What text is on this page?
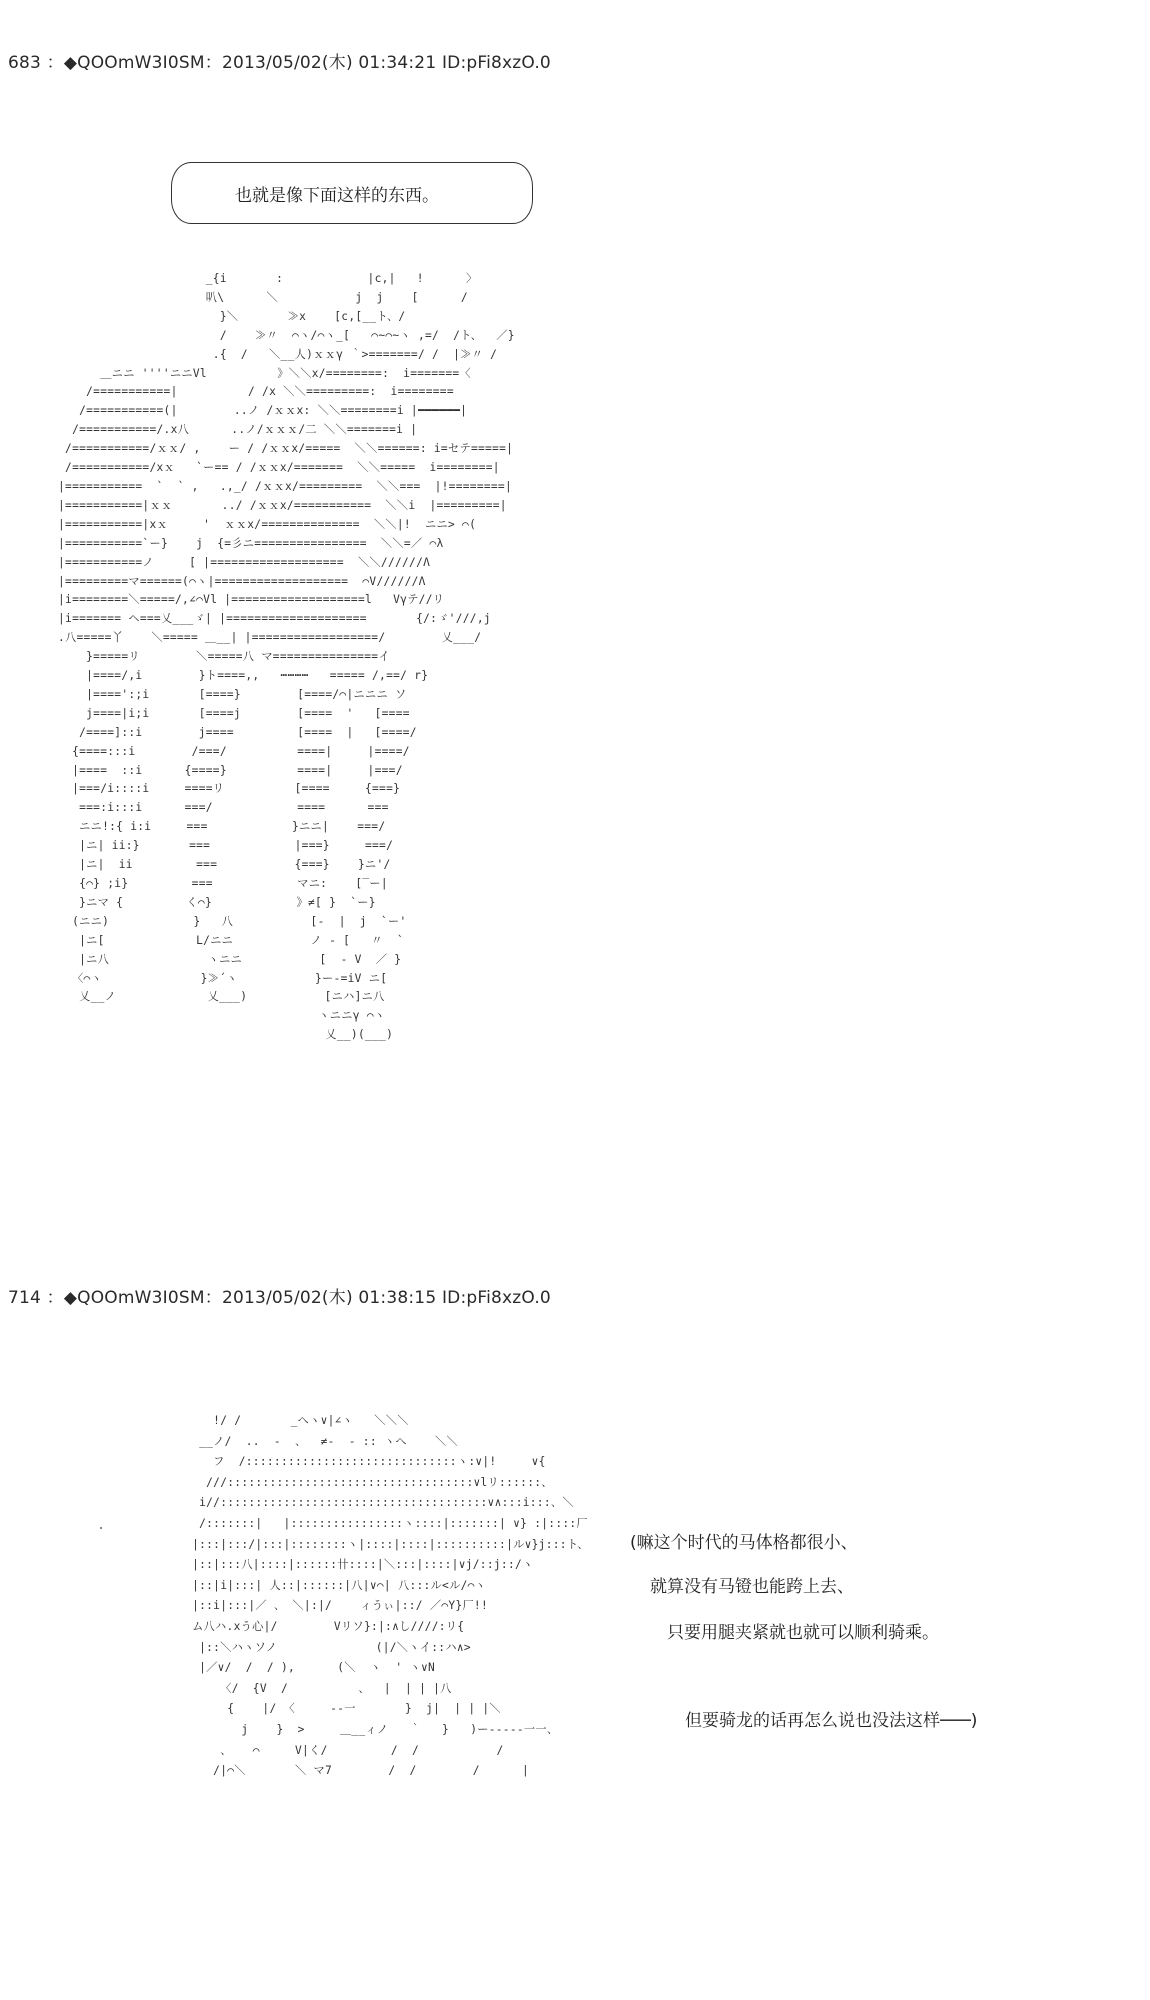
683 ：◆QOOmW3I0SM：2013/05/02(木) 01:34:21 ID:pFi8xzO.0
也就是像下面这样的东西。
_{i       :            |c,|   !      〉
叭\      ＼           j  j    [      /
}＼       ≫x    [c,[__ト、/
/    ≫〃  ⌒ヽ/⌒ヽ_[   ⌒~⌒~ヽ ,=/  /ト、  ／}
.{  /   ＼__人)ｘｘγ ｀>=======/ /  |≫〃 /
＿ニニ ''''ニニVl          》＼＼x/========:  i=======〈
/===========|          / /x ＼＼=========:  i========
/===========(|        ..ノ /ｘｘx: ＼＼========i |━━━━━━|
/===========/.x八      ..ノ/ｘｘｘ/二 ＼＼=======i |
/===========/ｘｘ/ ,    ー / /ｘｘx/=====  ＼＼======: i=セテ=====|
/===========/xｘ   `ー== / /ｘｘx/=======  ＼＼=====  i========|
|===========  `  ` ,   .,_/ /ｘｘx/=========  ＼＼===  |!========|
|===========|ｘｘ       ../ /ｘｘx/===========  ＼＼i  |=========|
|===========|xｘ     '  ｘｘx/==============  ＼＼|!  ニニ> ⌒(
|===========`ー}    j  {=彡ニ================  ＼＼=／ ⌒λ
|===========ノ     [ |===================  ＼＼//////Λ
|=========マ======(⌒ヽ|===================  ⌒V//////Λ
|i========＼=====/,∠⌒Vl |===================l   Vγテ//リ
|i======= ヘ===乂___ゞ| |====================       {/:ゞ'///,j
.八=====丫    ＼===== ＿__| |==================/        乂___/
}=====リ        ＼=====八 マ===============イ
|====/,i        }ト====,,   ┅┅┅┅   ===== /,==/ r}
|====':;i       [====}        [====/⌒|ニニニ ソ
j====|i;i       [====j        [====  '   [====
/====]::i        j====         [====  |   [====/
{====:::i        /===/          ====|     |====/
|====  ::i      {====}          ====|     |===/
|===/i::::i     ====リ          [====     {===}
===:i:::i      ===/            ====      ===
ニニ!:{ i:i     ===            }ニニ|    ===/
|ニ| ii:}       ===            |===}     ===/
|ニ|  ii         ===           {===}    }ニ'/
{⌒} ;i}         ===            マニ:    [‾ー|
}ニマ {         く⌒}            》≠[ }  `ー}
(ニニ)            }   八           [-  |  j  `ー'
|ニ[             L/ニニ           ノ - [   〃  `
|ニ八              ヽニニ           [  - V  ／ }
〈⌒ヽ              }≫´ヽ           }ー-=iV ニ[
乂__ノ             乂___)           [ニハ]ニ八
ヽニニγ ⌒ヽ
乂__)(___)
714 ：◆QOOmW3I0SM：2013/05/02(木) 01:38:15 ID:pFi8xzO.0
!/ /       _へヽ∨|∠ヽ   ＼＼＼
__ノ/  ..  -  、  ≠-  - :: ヽへ    ＼＼
フ  /::::::::::::::::::::::::::::::ヽ:∨|!     ∨{
///:::::::::::::::::::::::::::::::::::∨lリ::::::、
i//::::::::::::::::::::::::::::::::::::::∨∧:::i:::、＼
/:::::::|   |::::::::::::::::ヽ::::|:::::::| ∨} :|::::厂
|:::|:::/|:::|::::::::ヽ|::::|::::|::::::::::|ル∨}j:::ト、
|::|:::八|::::|::::::卄::::|＼:::|::::|∨j/::j::/ヽ
|::|i|:::| 人::|::::::|八|∨⌒| 八:::ル<ル/⌒ヽ
|::i|:::|／ 、 ＼|:|/    ィうぃ|::/ ／⌒Y}厂!!
ム八ハ.xう心|/        Vリソ}:|:∧し////:リ{
|::＼ハヽソノ              (|/＼ヽイ::ハ∧>
|／∨/  /  / ),      (＼  ヽ  ' ヽ∨N
〈/  {V  /          、  |  | | |八
{    |/ 〈     --一       }  j|  | | |＼
j    }  >     ＿__ィノ   ｀   }   )ー-----一一、
、   ⌒     V|く/         /  /           /
/|⌒＼       ＼ マ7        /  /        /      |
(嘛这个时代的马体格都很小、
就算没有马镫也能跨上去、
只要用腿夹紧就也就可以顺利骑乘。
但要骑龙的话再怎么说也没法这样───)
